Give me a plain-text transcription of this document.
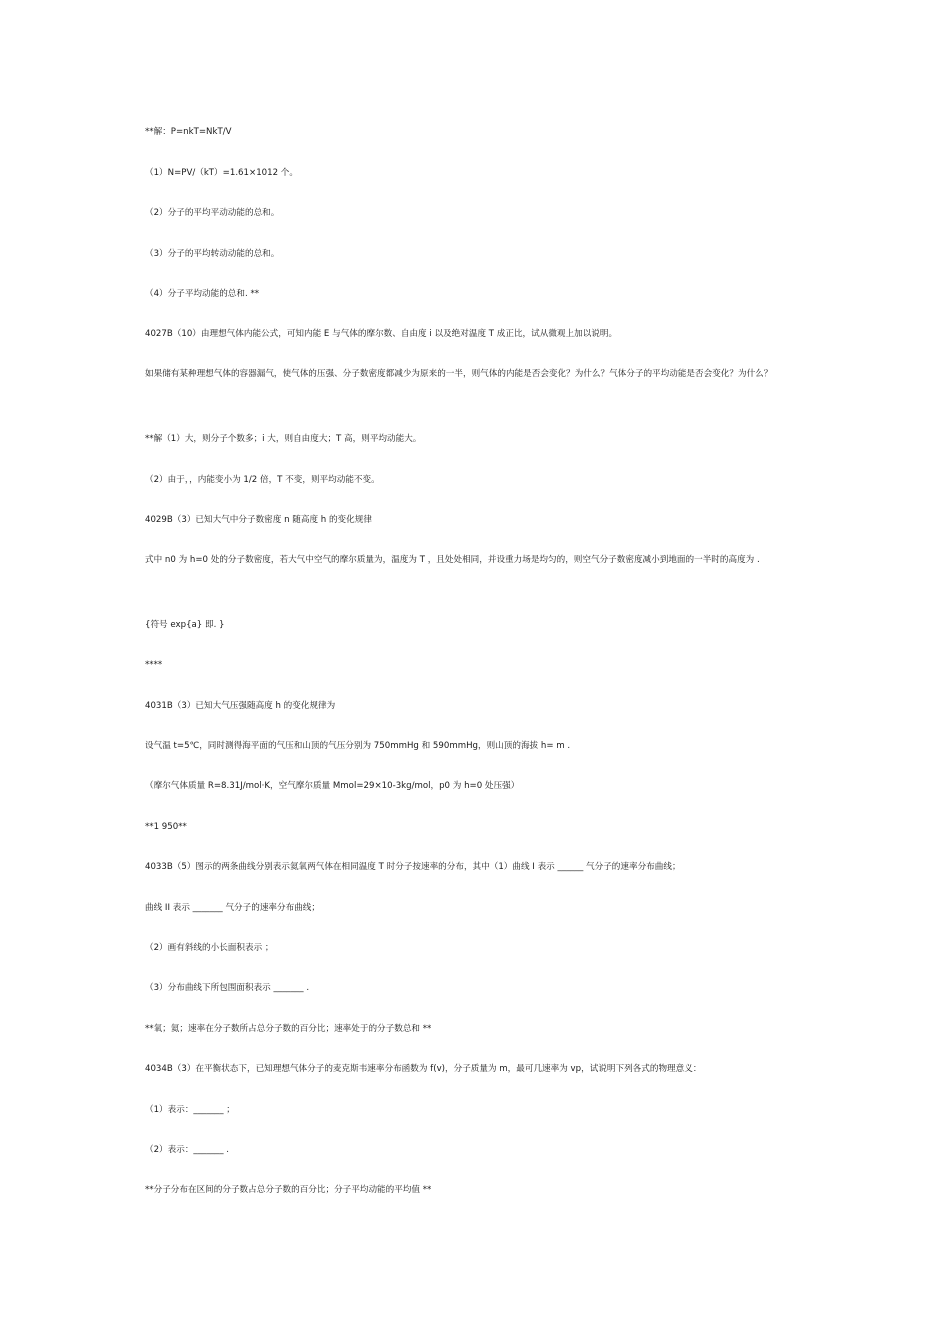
**解：P=nkT=NkT/V
（1）N=PV/（kT）=1.61×1012 个。
（2）分子的平均平动动能的总和。
（3）分子的平均转动动能的总和。
（4）分子平均动能的总和. **
4027B（10）由理想气体内能公式，可知内能 E 与气体的摩尔数、自由度 i 以及绝对温度 T 成正比，试从微观上加以说明。
如果储有某种理想气体的容器漏气，使气体的压强、分子数密度都减少为原来的一半，则气体的内能是否会变化？为什么？气体分子的平均动能是否会变化？为什么？
**解（1）大，则分子个数多；i 大，则自由度大；T 高，则平均动能大。
（2）由于，，内能变小为 1/2 倍，T 不变，则平均动能不变。
4029B（3）已知大气中分子数密度 n 随高度 h 的变化规律
式中 n0 为 h=0 处的分子数密度，若大气中空气的摩尔质量为，温度为 T ，且处处相同，并设重力场是均匀的，则空气分子数密度减小到地面的一半时的高度为 .
{符号 exp{a} 即. }
****
4031B（3）已知大气压强随高度 h 的变化规律为
设气温 t=5℃，同时测得海平面的气压和山顶的气压分别为 750mmHg 和 590mmHg，则山顶的海拔 h= m .
（摩尔气体质量 R=8.31J/mol·K，空气摩尔质量 Mmol=29×10-3kg/mol，p0 为 h=0 处压强）
**1 950**
4033B（5）图示的两条曲线分别表示氦氧两气体在相同温度 T 时分子按速率的分布，其中（1）曲线 I 表示 ______ 气分子的速率分布曲线；
曲线 II 表示 _______ 气分子的速率分布曲线；
（2）画有斜线的小长面积表示 ；
（3）分布曲线下所包围面积表示 _______ .
**氧；氦；速率在分子数所占总分子数的百分比；速率处于的分子数总和 **
4034B（3）在平衡状态下，已知理想气体分子的麦克斯韦速率分布函数为 f(v)，分子质量为 m，最可几速率为 vp，试说明下列各式的物理意义：
（1）表示：_______ ；
（2）表示：_______ .
**分子分布在区间的分子数占总分子数的百分比；分子平均动能的平均值 **
